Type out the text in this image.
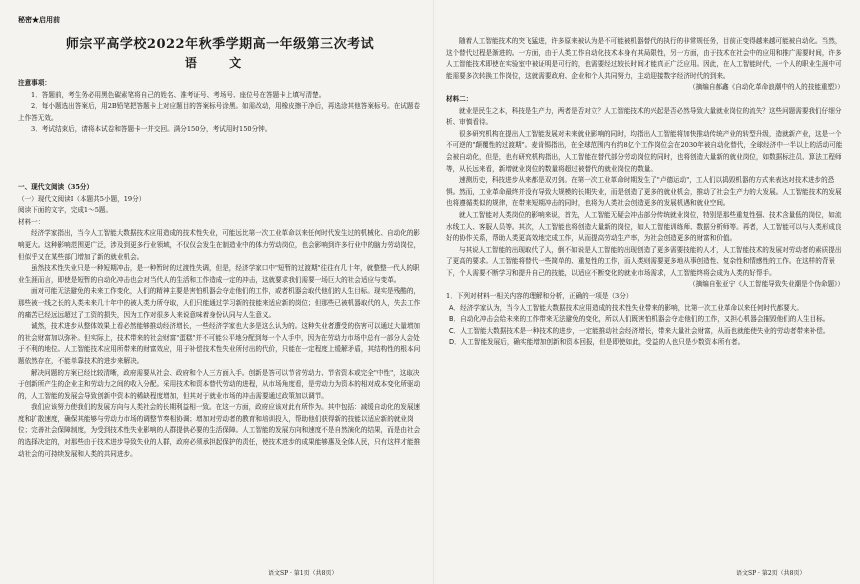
秘密★启用前
师宗平高学校2022年秋季学期高一年级第三次考试
语 文

注意事项：

1．答题前，考生务必用黑色碳素笔将自己的姓名、准考证号、考场号、座位号在答题卡上填写清楚。

2．每小题选出答案后，用2B铅笔把答题卡上对应题目的答案标号涂黑。如需改动，用橡皮擦干净后，再选涂其他答案标号。在试题卷上作答无效。

3．考试结束后，请将本试卷和答题卡一并交回。满分150分，考试用时150分钟。

一、现代文阅读（35分）

（一）现代文阅读Ⅰ（本题共5小题，19分）

阅读下面的文字，完成1～5题。

材料一：

经济学家指出，当今人工智能大数据技术应用造成的技术性失业，可能远比第一次工业革命以来任何时代发生过的机械化、自动化的影响更大。这种影响范围更广泛，涉及到更多行业领域，不仅仅会发生在制造业中的体力劳动岗位，也会影响到许多行业中的脑力劳动岗位，但似乎又在某些部门增加了新的就业机会。

虽然技术性失业只是一种短期冲击，是一种暂时的过渡性失调，但是，经济学家口中"短暂的过渡期"往往有几十年，就整整一代人的职业生涯而言，即使是短暂的自动化冲击也会对当代人的生活和工作造成一定的冲击，这就要求我们需要一场巨大的社会适应与变革。

面对可能无法避免的未来工作变化，人们的精神主要是害怕机器会夺走他们的工作，或者机器会取代他们的人生目标。现实是残酷的，那些被一线之长的人类未来几十年中的被人类力所夺取，人们只能通过学习新的技能来适应新的岗位；但那些已被机器取代的人，失去工作的痛苦已经远远超过了工资的损失，因为工作对很多人来说意味着身份认同与人生意义。

诚然，技术进步从整体效果上看必然能够推动经济增长，一些经济学家也大多是这么认为的。这种失业者遭受的伤害可以通过大量增加的社会财富加以弥补。但实际上，技术带来的社会财富"蛋糕"并不可能公平地分配到每一个人手中，因为在劳动力市场中总有一部分人会处于不利的地位。人工智能技术应用所带来的财富效应，用于补偿技术性失业所付出的代价，只能在一定程度上缓解矛盾，其结构性的根本问题依然存在，不能单靠技术的进步来解决。

解决问题的方案已经比较清晰，政府需要从社会、政府和个人三方面入手。创新是答可以节省劳动力、节省资本或完全"中性"，这取决于创新所产生的企业主和劳动力之间的收入分配。采用技术和资本替代劳动的进程，从市场角度看，是劳动力为资本的相对成本变化所驱动的，人工智能的发展会导致创新中资本的稀缺程度增加，但其对于就业市场的冲击需要通过政策加以调节。

我们应该努力使我们的发展方向与人类社会的长期利益相一致。在这一方面，政府应该对此有所作为。其中包括：减缓自动化的发展速度和扩散速度，确保其能够与劳动力市场的调整节奏相协调；增加对劳动者的教育和培训投入，帮助他们获得新的技能以适应新的就业岗位；完善社会保障制度，为受到技术性失业影响的人群提供必要的生活保障。人工智能的发展方向和速度不是自然演化的结果，而是由社会的选择决定的，对那些由于技术进步导致失业的人群，政府必须承担起保护的责任，使技术进步的成果能够惠及全体人民，只有这样才能推动社会的可持续发展和人类的共同进步。

语文SP · 第1页（共8页）

随着人工智能技术的突飞猛进，许多原来被认为是不可能被机器替代的执行的非常规任务，目前正变得越来越可能被自动化。当然，这个替代过程是渐进的。一方面，由于人类工作自动化技术本身有其局限性，另一方面，由于技术在社会中的应用和推广需要时间，许多人工智能技术即使在实验室中被证明是可行的，也需要经过较长时间才能真正广泛应用。因此，在人工智能时代，一个人的职业生涯中可能需要多次转换工作岗位，这就需要政府、企业和个人共同努力，主动迎接数字经济时代的到来。

（摘编自郝鑫《自动化革命浪潮中的人的技能重塑》）

材料二：

就业是民生之本，科技是生产力，两者是否对立？人工智能技术的兴起是否必然导致大量就业岗位的流失？这些问题需要我们仔细分析、审慎看待。

很多研究机构在提出人工智能发展对未来就业影响的同时，均指出人工智能将加快推动传统产业的转型升级，造就新产业，这是一个不可逆的"颠覆性的过渡期"。麦肯锡指出，在全球范围内有约8亿个工作岗位会在2030年被自动化替代，全球经济中一半以上的活动可能会被自动化，但是，也有研究机构指出，人工智能在替代部分劳动岗位的同时，也将创造大量新的就业岗位，如数据标注员、算法工程师等，从长远来看，新增就业岗位的数量将超过被替代的就业岗位的数量。

速测历史，科技进步从来都是双刃剑。在第一次工业革命时期发生了"卢德运动"，工人们以捣毁机器的方式来表达对技术进步的恐惧。然而，工业革命最终并没有导致大规模的长期失业，而是创造了更多的就业机会，推动了社会生产力的大发展。人工智能技术的发展也将遵循类似的规律，在带来短期冲击的同时，也将为人类社会创造更多的发展机遇和就业空间。

就人工智能对人类岗位的影响来说，首先，人工智能无疑会冲击部分传统就业岗位，特别是那些重复性强、技术含量低的岗位，如流水线工人、客服人员等。其次，人工智能也将创造大量新的岗位，如人工智能训练师、数据分析师等。再者，人工智能可以与人类形成良好的协作关系，帮助人类更高效地完成工作，从而提高劳动生产率，为社会创造更多的财富和价值。

与其说人工智能的出现取代了人，倒不如说是人工智能的出现创造了更多需要技能的人才，人工智能技术的发展对劳动者的素质提出了更高的要求。人工智能将替代一些简单的、重复性的工作，而人类则需要更多地从事创造性、复杂性和情感性的工作。在这样的背景下，个人需要不断学习和提升自己的技能，以适应不断变化的就业市场需求，人工智能终将会成为人类的好帮手。

（摘编自张亚宁《人工智能导致失业潮是个伪命题》）

1．下列对材料一相关内容的理解和分析，正确的一项是（3分）

A．经济学家认为，当今人工智能大数据技术应用造成的技术性失业带来的影响，比第一次工业革命以来任何时代都要大。

B．自动化冲击会给未来的工作带来无法避免的变化，所以人们既害怕机器会夺走他们的工作，又担心机器会摧毁他们的人生目标。

C．人工智能大数据技术是一种技术的进步，一定能推动社会经济增长，带来大量社会财富，从而也就能使失业的劳动者带来补偿。

D．人工智能发展后，确实能增加创新和资本回报，但是即使如此，受益的人也只是少数资本所有者。

语文SP · 第2页（共8页）
